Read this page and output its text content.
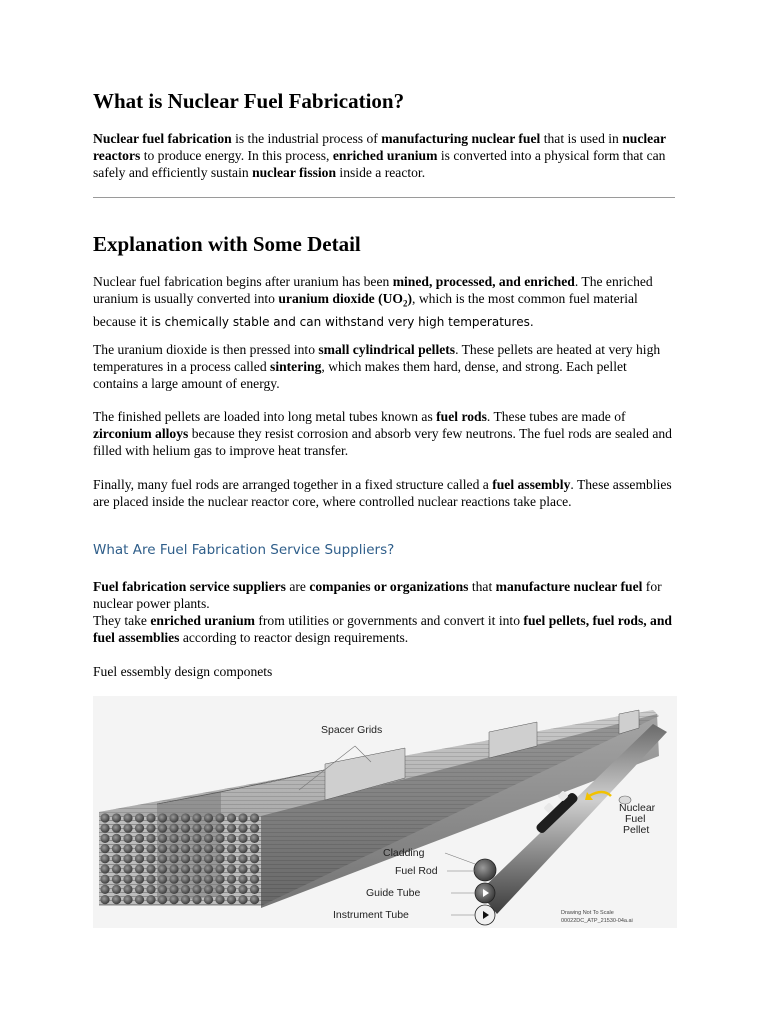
What is Nuclear Fuel Fabrication?

Nuclear fuel fabrication is the industrial process of manufacturing nuclear fuel that is used in nuclear reactors to produce energy. In this process, enriched uranium is converted into a physical form that can safely and efficiently sustain nuclear fission inside a reactor.

Explanation with Some Detail

Nuclear fuel fabrication begins after uranium has been mined, processed, and enriched. The enriched uranium is usually converted into uranium dioxide $(UO_2)$, which is the most common fuel material because it is chemically stable and can withstand very high temperatures.

The uranium dioxide is then pressed into small cylindrical pellets. These pellets are heated at very high temperatures in a process called sintering, which makes them hard, dense, and strong. Each pellet contains a large amount of energy.

The finished pellets are loaded into long metal tubes known as fuel rods. These tubes are made of zirconium alloys because they resist corrosion and absorb very few neutrons. The fuel rods are sealed and filled with helium gas to improve heat transfer.

Finally, many fuel rods are arranged together in a fixed structure called a fuel assembly. These assemblies are placed inside the nuclear reactor core, where controlled nuclear reactions take place.

What Are Fuel Fabrication Service Suppliers?

Fuel fabrication service suppliers are companies or organizations that manufacture nuclear fuel for nuclear power plants.
They take enriched uranium from utilities or governments and convert it into fuel pellets, fuel rods, and fuel assemblies according to reactor design requirements.

Fuel essembly design componets

Spacer Grids
Nuclear
Fuel
Pellet
Cladding
Fuel Rod
Guide Tube
Instrument Tube	Drawing Not To Scale
00022DC_ATP_21530-04a.ai
